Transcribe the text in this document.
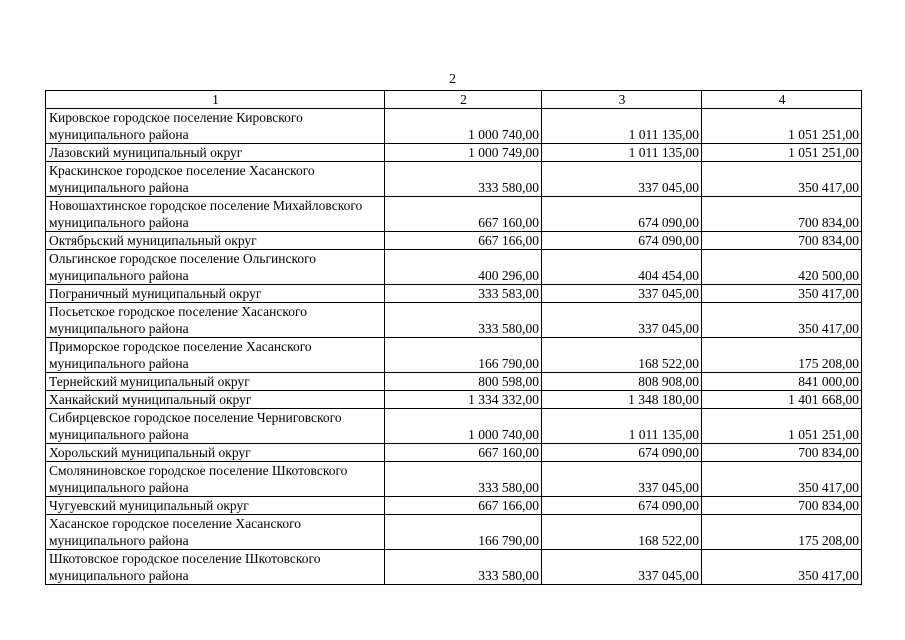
2
1	2	3	4
Кировское городское поселение Кировского муниципального района	1 000 740,00	1 011 135,00	1 051 251,00
Лазовский муниципальный округ	1 000 749,00	1 011 135,00	1 051 251,00
Краскинское городское поселение Хасанского муниципального района	333 580,00	337 045,00	350 417,00
Новошахтинское городское поселение Михайловского муниципального района	667 160,00	674 090,00	700 834,00
Октябрьский муниципальный округ	667 166,00	674 090,00	700 834,00
Ольгинское городское поселение Ольгинского муниципального района	400 296,00	404 454,00	420 500,00
Пограничный муниципальный округ	333 583,00	337 045,00	350 417,00
Посьетское городское поселение Хасанского муниципального района	333 580,00	337 045,00	350 417,00
Приморское городское поселение Хасанского муниципального района	166 790,00	168 522,00	175 208,00
Тернейский муниципальный округ	800 598,00	808 908,00	841 000,00
Ханкайский муниципальный округ	1 334 332,00	1 348 180,00	1 401 668,00
Сибирцевское городское поселение Черниговского муниципального района	1 000 740,00	1 011 135,00	1 051 251,00
Хорольский муниципальный округ	667 160,00	674 090,00	700 834,00
Смоляниновское городское поселение Шкотовского муниципального района	333 580,00	337 045,00	350 417,00
Чугуевский муниципальный округ	667 166,00	674 090,00	700 834,00
Хасанское городское поселение Хасанского муниципального района	166 790,00	168 522,00	175 208,00
Шкотовское городское поселение Шкотовского муниципального района	333 580,00	337 045,00	350 417,00
